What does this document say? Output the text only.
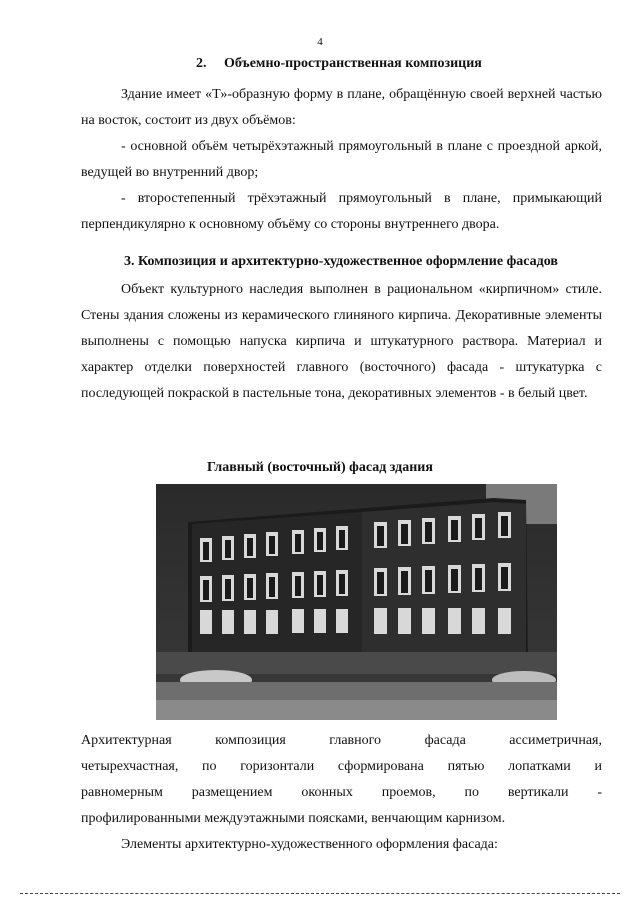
4
2.     Объемно-пространственная композиция
Здание имеет «Т»-образную форму в плане, обращённую своей верхней частью на восток, состоит из двух объёмов:
- основной объём четырёхэтажный прямоугольный в плане с проездной аркой, ведущей во внутренний двор;
- второстепенный трёхэтажный прямоугольный в плане, примыкающий перпендикулярно к основному объёму со стороны внутреннего двора.
3. Композиция и архитектурно-художественное оформление фасадов
Объект культурного наследия выполнен в рациональном «кирпичном» стиле. Стены здания сложены из керамического глиняного кирпича. Декоративные элементы выполнены с помощью напуска кирпича и штукатурного раствора. Материал и характер отделки поверхностей главного (восточного) фасада - штукатурка с последующей покраской в пастельные тона, декоративных элементов - в белый цвет.
Главный (восточный) фасад здания
Архитектурная композиция главного фасада ассиметричная,
четырехчастная, по горизонтали сформирована пятью лопатками и
равномерным размещением оконных проемов, по вертикали -
профилированными междуэтажными поясками, венчающим карнизом.
Элементы архитектурно-художественного оформления фасада:
